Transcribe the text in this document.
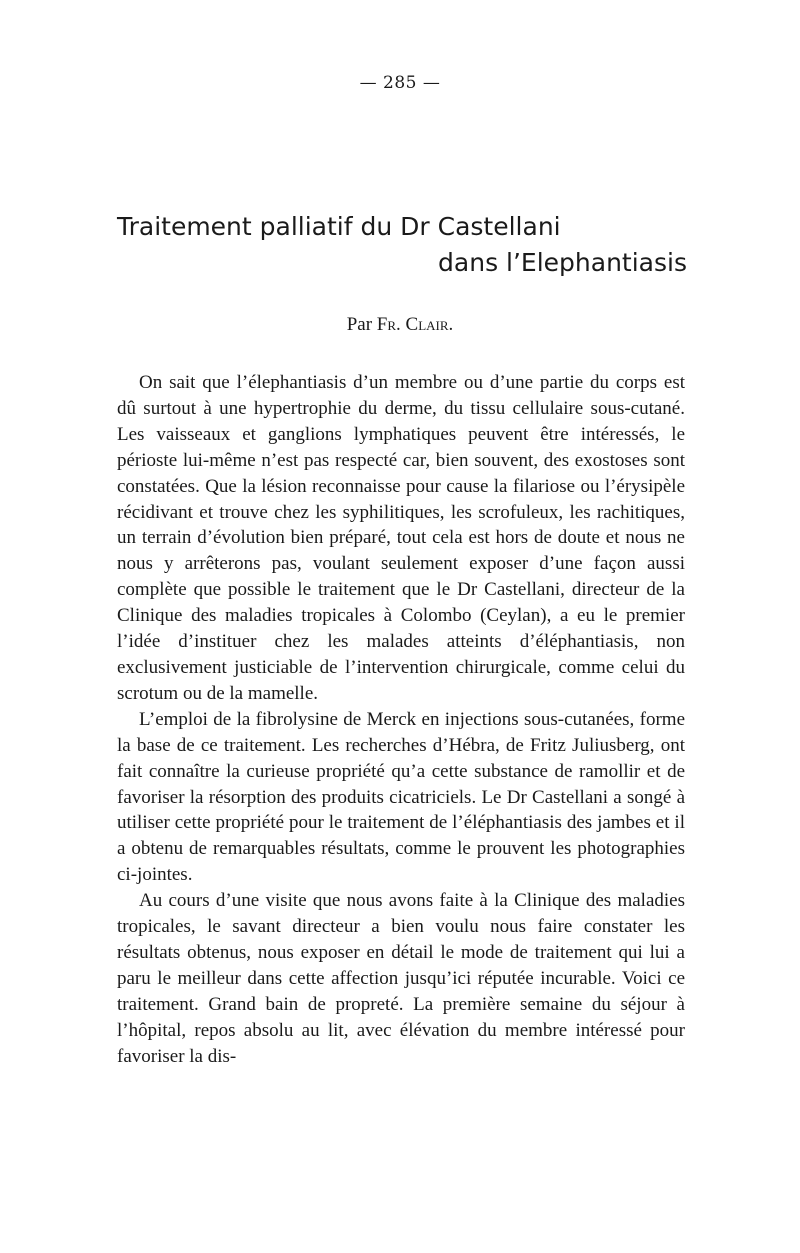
— 285 —
Traitement palliatif du Dr Castellani
dans l’Elephantiasis
Par Fr. Clair.

On sait que l’élephantiasis d’un membre ou d’une partie du corps est dû surtout à une hypertrophie du derme, du tissu cellulaire sous-cutané. Les vaisseaux et ganglions lymphatiques peuvent être intéressés, le périoste lui-même n’est pas respecté car, bien souvent, des exostoses sont constatées. Que la lésion reconnaisse pour cause la filariose ou l’érysipèle récidivant et trouve chez les syphilitiques, les scrofuleux, les rachitiques, un terrain d’évolution bien préparé, tout cela est hors de doute et nous ne nous y arrêterons pas, voulant seulement exposer d’une façon aussi complète que possible le traitement que le Dr Castellani, directeur de la Clinique des maladies tropicales à Colombo (Ceylan), a eu le premier l’idée d’instituer chez les malades atteints d’éléphantiasis, non exclusivement justiciable de l’intervention chirurgicale, comme celui du scrotum ou de la mamelle.

L’emploi de la fibrolysine de Merck en injections sous-cutanées, forme la base de ce traitement. Les recherches d’Hébra, de Fritz Juliusberg, ont fait connaître la curieuse propriété qu’a cette substance de ramollir et de favoriser la résorption des produits cicatriciels. Le Dr Castellani a songé à utiliser cette propriété pour le traitement de l’éléphantiasis des jambes et il a obtenu de remarquables résultats, comme le prouvent les photographies ci-jointes.

Au cours d’une visite que nous avons faite à la Clinique des maladies tropicales, le savant directeur a bien voulu nous faire constater les résultats obtenus, nous exposer en détail le mode de traitement qui lui a paru le meilleur dans cette affection jusqu’ici réputée incurable. Voici ce traitement. Grand bain de propreté. La première semaine du séjour à l’hôpital, repos absolu au lit, avec élévation du membre intéressé pour favoriser la dis-
